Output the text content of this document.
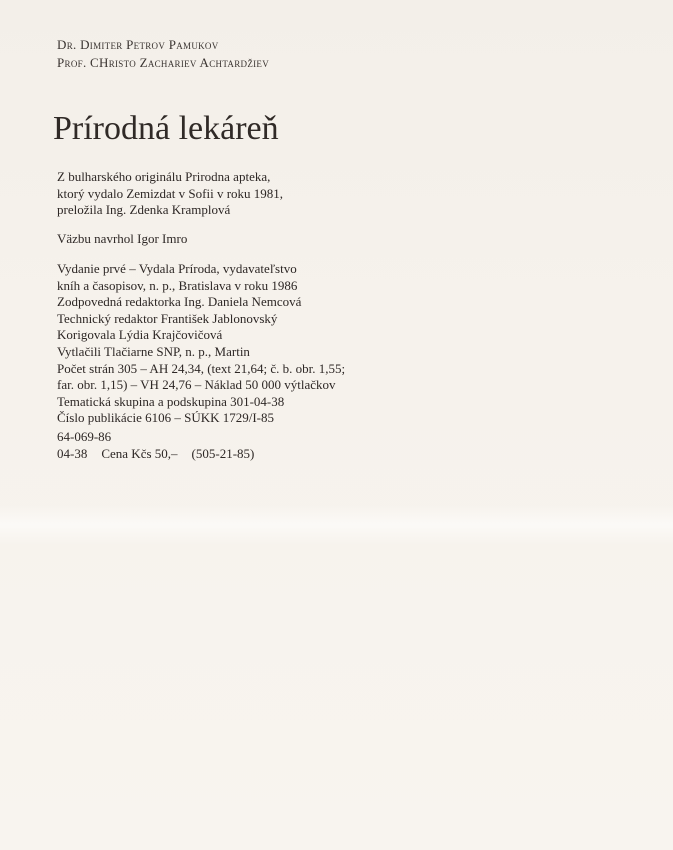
Dr. Dimiter Petrov Pamukov
Prof. CHristo Zachariev Achtardžiev
Prírodná lekáreň
Z bulharského originálu Prirodna apteka,
ktorý vydalo Zemizdat v Sofii v roku 1981,
preložila Ing. Zdenka Kramplová
Väzbu navrhol Igor Imro
Vydanie prvé – Vydala Príroda, vydavateľstvo
kníh a časopisov, n. p., Bratislava v roku 1986
Zodpovedná redaktorka Ing. Daniela Nemcová
Technický redaktor František Jablonovský
Korigovala Lýdia Krajčovičová
Vytlačili Tlačiarne SNP, n. p., Martin
Počet strán 305 – AH 24,34, (text 21,64; č. b. obr. 1,55;
far. obr. 1,15) – VH 24,76 – Náklad 50 000 výtlačkov
Tematická skupina a podskupina 301-04-38
Číslo publikácie 6106 – SÚKK 1729/I-85
64-069-86
04-38 Cena Kčs 50,– (505-21-85)
